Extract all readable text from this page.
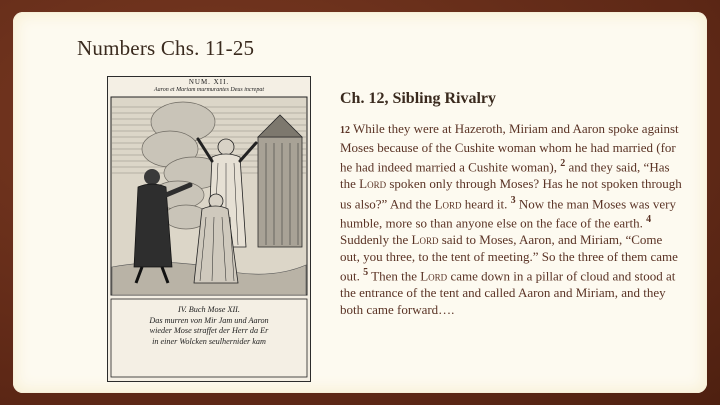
Numbers Chs. 11-25
NUM. XII.
Aaron et Mariam murmurantes Deus increpat
IV. Buch Mose XII.
Das murren von Mir Jam und Aaron
wieder Mose straffet der Herr da Er
in einer Wolcken seulhernider kam
Ch. 12, Sibling Rivalry

12 While they were at Hazeroth, Miriam and Aaron spoke against Moses because of the Cushite woman whom he had married (for he had indeed married a Cushite woman), $^2$ and they said, “Has the Lord spoken only through Moses? Has he not spoken through us also?” And the Lord heard it. $^3$ Now the man Moses was very humble, more so than anyone else on the face of the earth. $^4$ Suddenly the Lord said to Moses, Aaron, and Miriam, “Come out, you three, to the tent of meeting.” So the three of them came out. $^5$ Then the Lord came down in a pillar of cloud and stood at the entrance of the tent and called Aaron and Miriam, and they both came forward….
